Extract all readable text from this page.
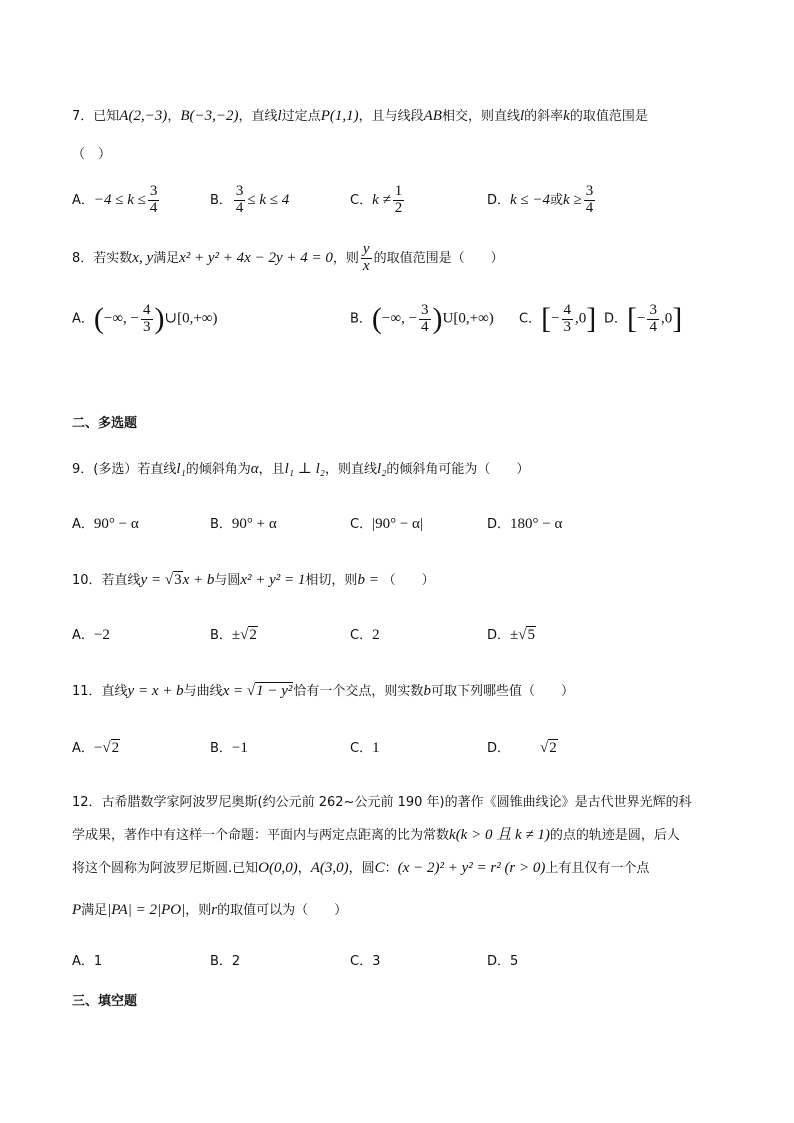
7．已知A(2,−3)，B(−3,−2)，直线l过定点P(1,1)，且与线段AB相交，则直线l的斜率k的取值范围是
（　）
A．$-4 \le k \le \frac{3}{4}$	B． $\frac{3}{4} \le k \le 4$	C．$k \ne \frac{1}{2}$	D．k ≤ −4或$k \ge \frac{3}{4}$
8．若实数x, y满足x² + y² + 4x − 2y + 4 = 0，则 $\frac{y}{x}$ 的取值范围是（　　）
A．(−∞, − $\frac{4}{3}$ )∪[0,+∞)	B．(−∞, − $\frac{3}{4} )U[0,+\infty)$ C．[− $\frac{4}{3} ,0$] D．[− $\frac{3}{4} ,0$]
二、多选题
9．(多选）若直线l₁的倾斜角为α，且l₁ ⊥ l₂，则直线l₂的倾斜角可能为（　　）
A．90° − α	B．90° + α	C．|90° − α|	D．180° − α
10．若直线y = √3x + b与圆x² + y² = 1相切，则b = （　　）
A．−2	B．±√2	C．2	D．±√5
11．直线y = x + b与曲线x = √1 − y²恰有一个交点，则实数b可取下列哪些值（　　）
A．−√2	B．−1	C．1	D． √2
12．古希腊数学家阿波罗尼奥斯(约公元前 262~公元前 190 年)的著作《圆锥曲线论》是古代世界光辉的科
学成果，著作中有这样一个命题：平面内与两定点距离的比为常数k(k > 0 且 k ≠ 1)的点的轨迹是圆，后人
将这个圆称为阿波罗尼斯圆.已知O(0,0)，A(3,0)，圆C：(x − 2)² + y² = r² (r > 0)上有且仅有一个点
P满足|PA| = 2|PO|，则r的取值可以为（　　）
A．1	B．2	C．3	D．5
三、填空题
